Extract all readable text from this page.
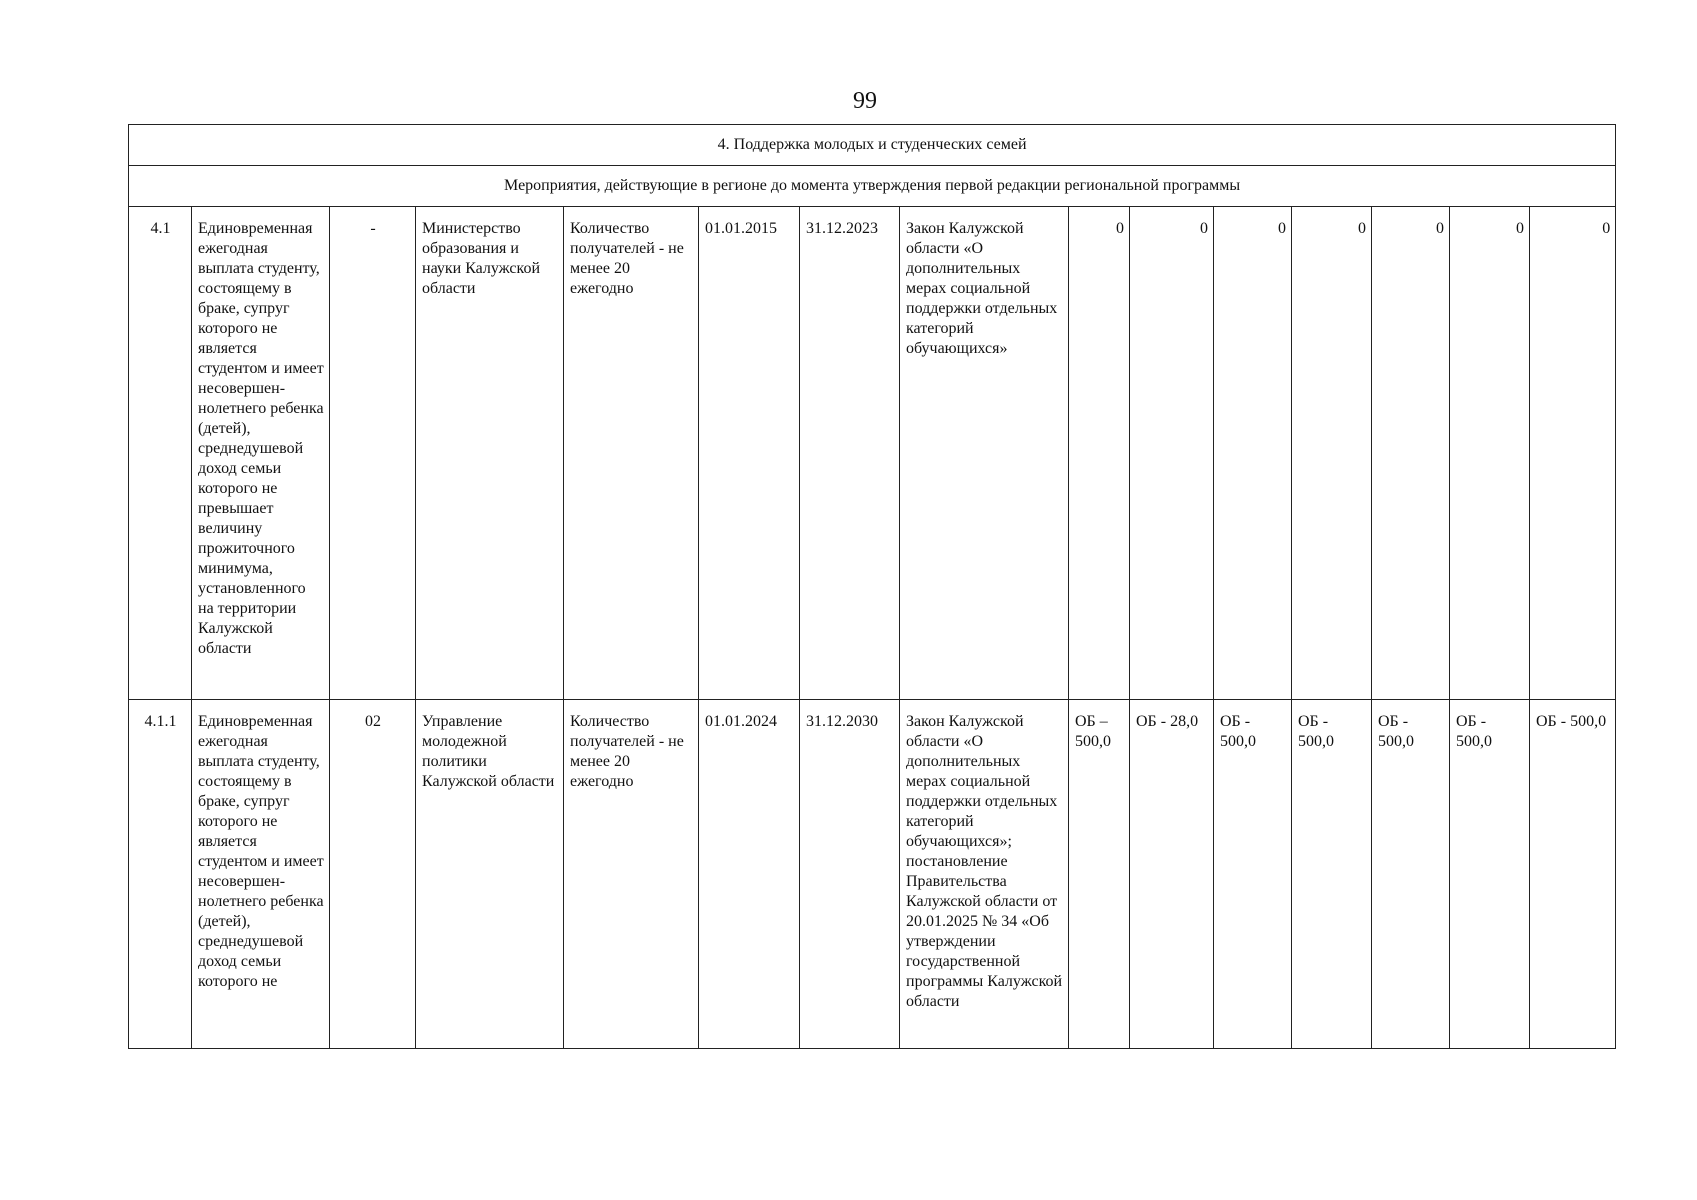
99
4. Поддержка молодых и студенческих семей														
Мероприятия, действующие в регионе до момента утверждения первой редакции региональной программы														
4.1	Единовременная ежегодная выплата студенту, состоящему в браке, супруг которого не является студентом и имеет несовершен-нолетнего ребенка (детей), среднедушевой доход семьи которого не превышает величину прожиточного минимума, установленного на территории Калужской области	-	Министерство образования и науки Калужской области	Количество получателей - не менее 20 ежегодно	01.01.2015	31.12.2023	Закон Калужской области «О дополнительных мерах социальной поддержки отдельных категорий обучающихся»	0	0	0	0	0	0	0
4.1.1	Единовременная ежегодная выплата студенту, состоящему в браке, супруг которого не является студентом и имеет несовершен-нолетнего ребенка (детей), среднедушевой доход семьи которого не	02	Управление молодежной политики Калужской области	Количество получателей - не менее 20 ежегодно	01.01.2024	31.12.2030	Закон Калужской области «О дополнительных мерах социальной поддержки отдельных категорий обучающихся»; постановление Правительства Калужской области от 20.01.2025 № 34 «Об утверждении государственной программы Калужской области	ОБ – 500,0	ОБ - 28,0	ОБ - 500,0	ОБ - 500,0	ОБ - 500,0	ОБ - 500,0	ОБ - 500,0
